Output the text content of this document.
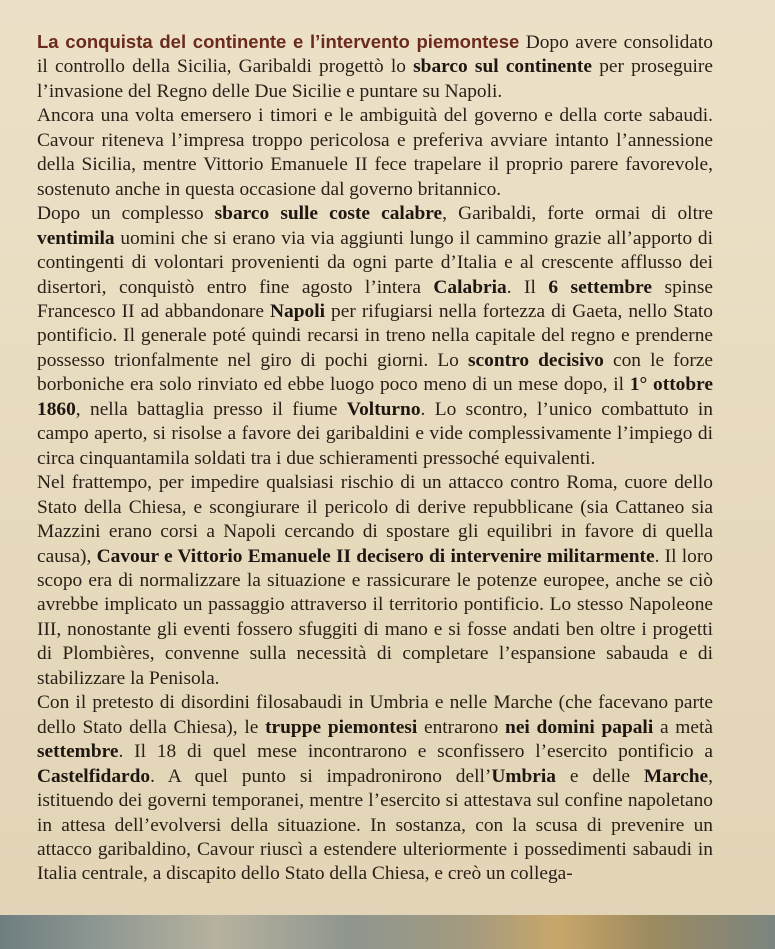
La conquista del continente e l’intervento piemontese Dopo avere consolidato il controllo della Sicilia, Garibaldi progettò lo sbarco sul continente per proseguire l’invasione del Regno delle Due Sicilie e puntare su Napoli.

Ancora una volta emersero i timori e le ambiguità del governo e della corte sabaudi. Cavour riteneva l’impresa troppo pericolosa e preferiva avviare intanto l’annessione della Sicilia, mentre Vittorio Emanuele II fece trapelare il proprio parere favorevole, sostenuto anche in questa occasione dal governo britannico.

Dopo un complesso sbarco sulle coste calabre, Garibaldi, forte ormai di oltre ventimila uomini che si erano via via aggiunti lungo il cammino grazie all’apporto di contingenti di volontari provenienti da ogni parte d’Italia e al crescente afflusso dei disertori, conquistò entro fine agosto l’intera Calabria. Il 6 settembre spinse Francesco II ad abbandonare Napoli per rifugiarsi nella fortezza di Gaeta, nello Stato pontificio. Il generale poté quindi recarsi in treno nella capitale del regno e prenderne possesso trionfalmente nel giro di pochi giorni. Lo scontro decisivo con le forze borboniche era solo rinviato ed ebbe luogo poco meno di un mese dopo, il 1° ottobre 1860, nella battaglia presso il fiume Volturno. Lo scontro, l’unico combattuto in campo aperto, si risolse a favore dei garibaldini e vide complessivamente l’impiego di circa cinquantamila soldati tra i due schieramenti pressoché equivalenti.

Nel frattempo, per impedire qualsiasi rischio di un attacco contro Roma, cuore dello Stato della Chiesa, e scongiurare il pericolo di derive repubblicane (sia Cattaneo sia Mazzini erano corsi a Napoli cercando di spostare gli equilibri in favore di quella causa), Cavour e Vittorio Emanuele II decisero di intervenire militarmente. Il loro scopo era di normalizzare la situazione e rassicurare le potenze europee, anche se ciò avrebbe implicato un passaggio attraverso il territorio pontificio. Lo stesso Napoleone III, nonostante gli eventi fossero sfuggiti di mano e si fosse andati ben oltre i progetti di Plombières, convenne sulla necessità di completare l’espansione sabauda e di stabilizzare la Penisola.

Con il pretesto di disordini filosabaudi in Umbria e nelle Marche (che facevano parte dello Stato della Chiesa), le truppe piemontesi entrarono nei domini papali a metà settembre. Il 18 di quel mese incontrarono e sconfissero l’esercito pontificio a Castelfidardo. A quel punto si impadronirono dell’Umbria e delle Marche, istituendo dei governi temporanei, mentre l’esercito si attestava sul confine napoletano in attesa dell’evolversi della situazione. In sostanza, con la scusa di prevenire un attacco garibaldino, Cavour riuscì a estendere ulteriormente i possedimenti sabaudi in Italia centrale, a discapito dello Stato della Chiesa, e creò un collega-
